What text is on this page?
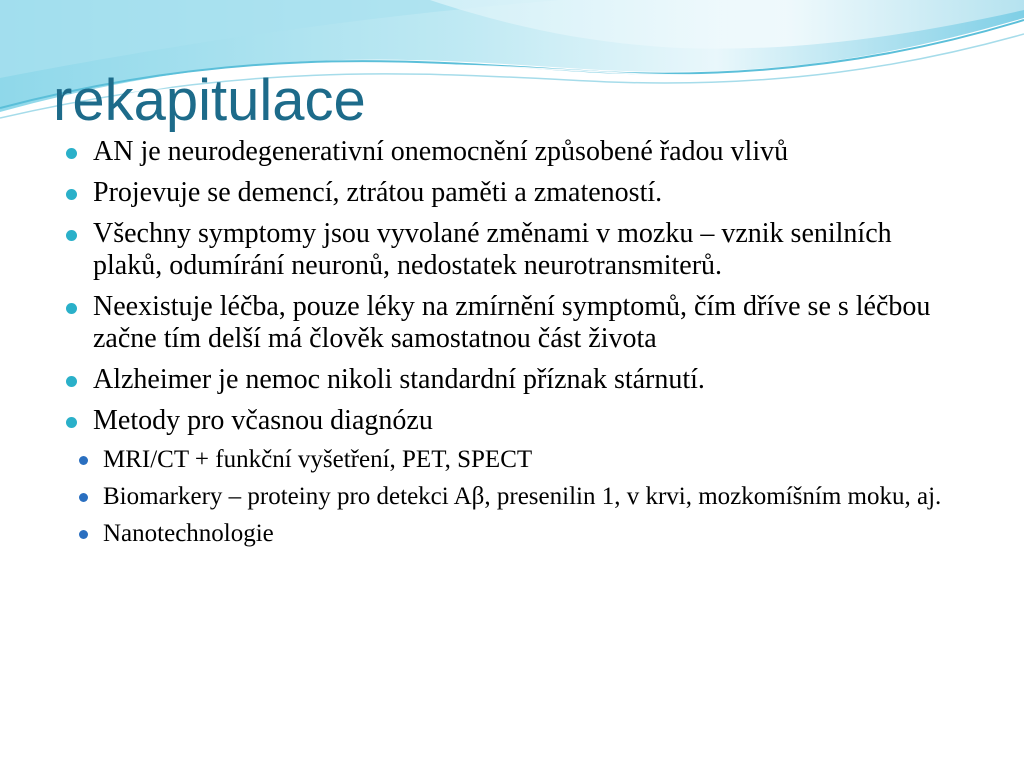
rekapitulace
AN je neurodegenerativní onemocnění způsobené řadou vlivů
Projevuje se demencí, ztrátou paměti a zmateností.
Všechny symptomy jsou vyvolané změnami v mozku – vznik senilních plaků, odumírání neuronů, nedostatek neurotransmiterů.
Neexistuje léčba, pouze léky na zmírnění symptomů, čím dříve se s léčbou začne tím delší má člověk samostatnou část života
Alzheimer je nemoc nikoli standardní příznak stárnutí.
Metody pro včasnou diagnózu
MRI/CT + funkční vyšetření, PET, SPECT
Biomarkery – proteiny pro detekci Aβ, presenilin 1, v krvi, mozkomíšním moku, aj.
Nanotechnologie
